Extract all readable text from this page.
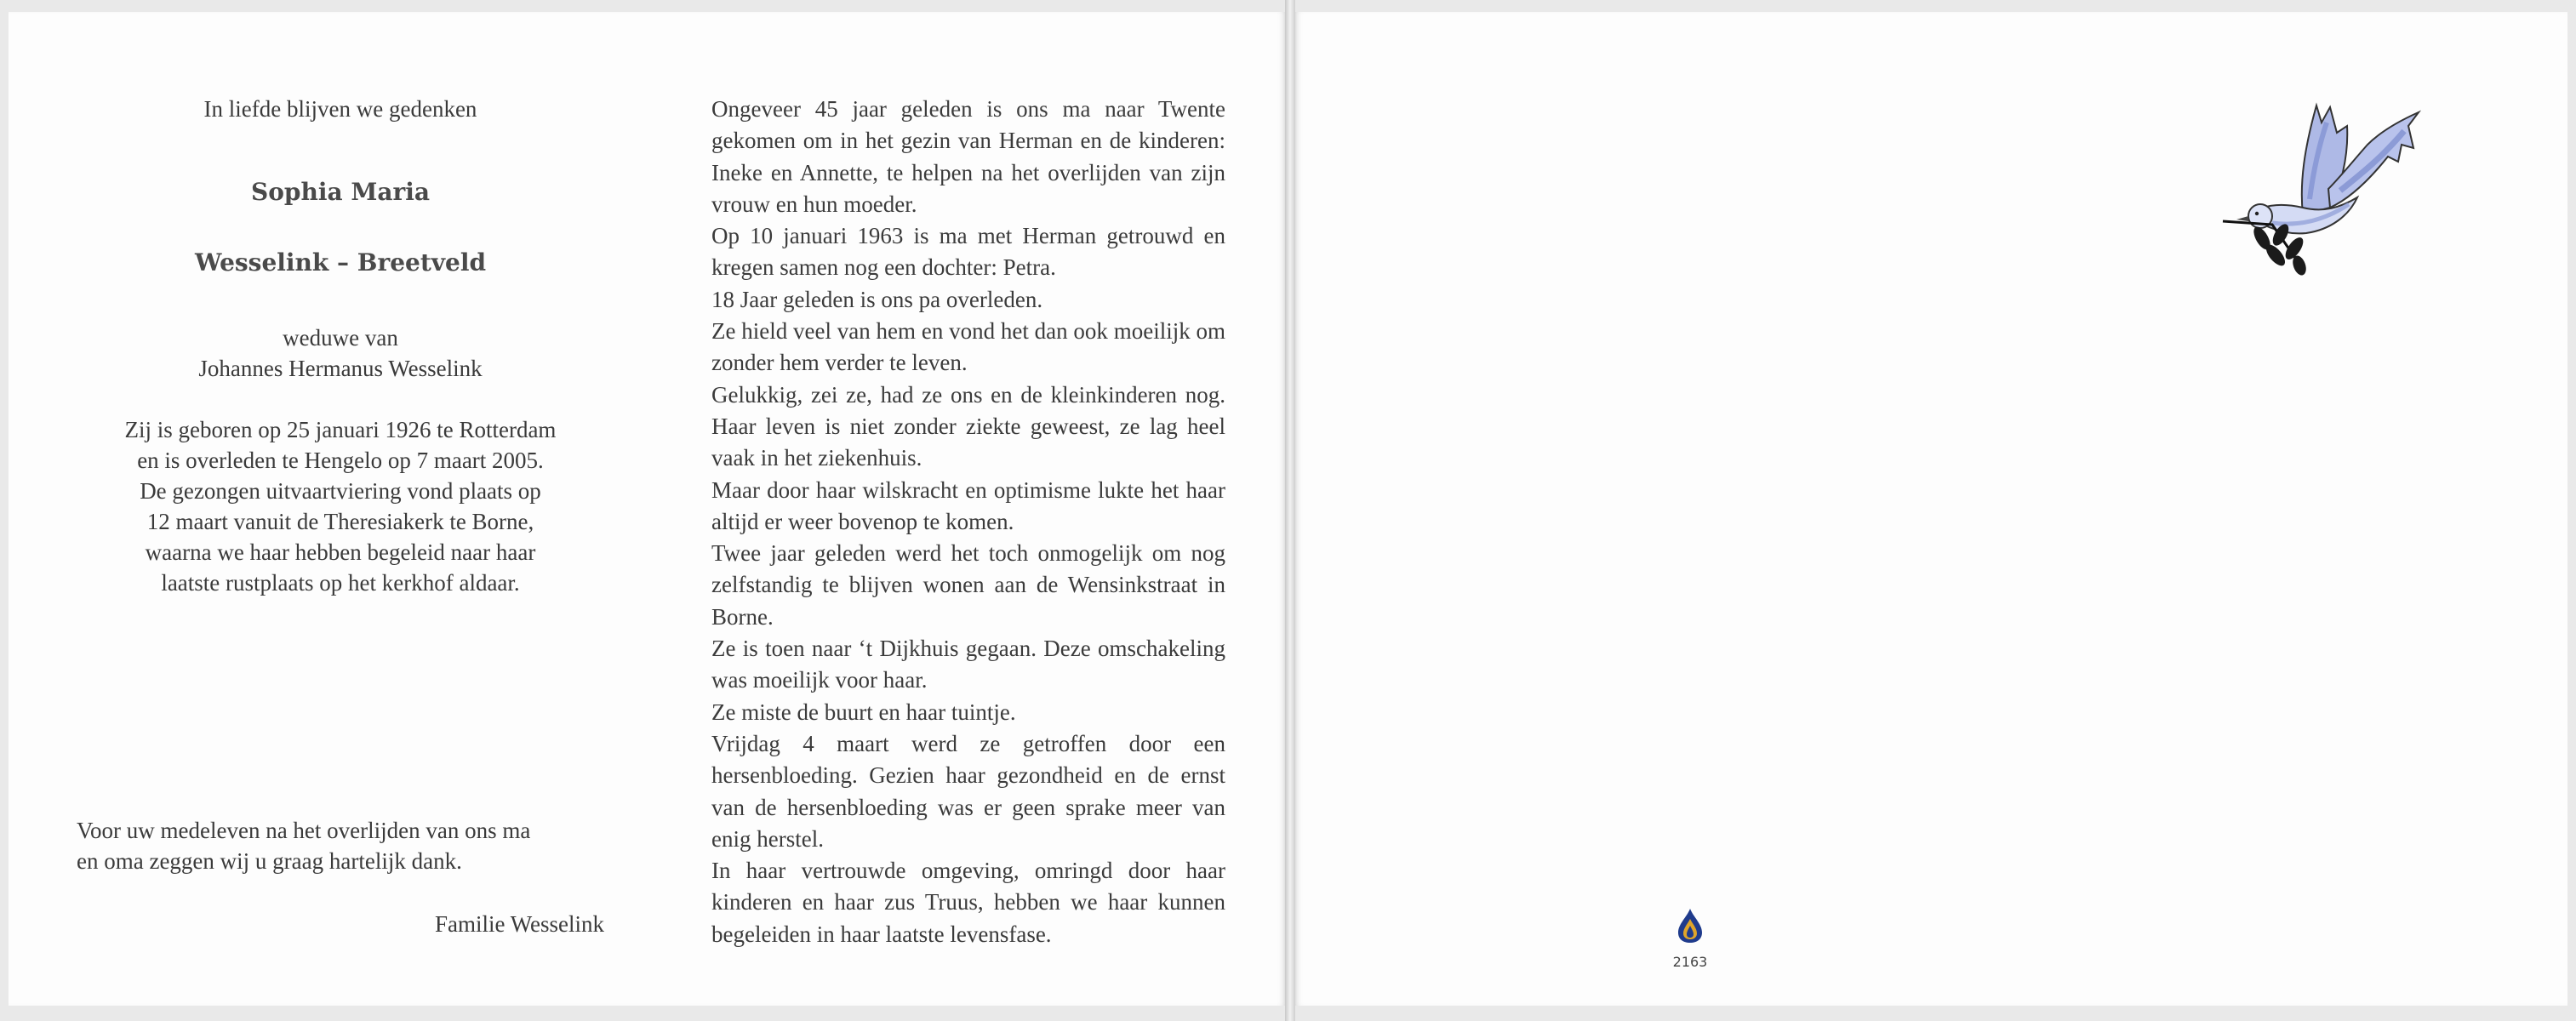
In liefde blijven we gedenken

Sophia Maria

Wesselink – Breetveld

weduwe van

Johannes Hermanus Wesselink

Zij is geboren op 25 januari 1926 te Rotterdam

en is overleden te Hengelo op 7 maart 2005.

De gezongen uitvaartviering vond plaats op

12 maart vanuit de Theresiakerk te Borne,

waarna we haar hebben begeleid naar haar

laatste rustplaats op het kerkhof aldaar.

Voor uw medeleven na het overlijden van ons ma

en oma zeggen wij u graag hartelijk dank.

Familie Wesselink

Ongeveer 45 jaar geleden is ons ma naar Twente gekomen om in het gezin van Herman en de kinderen: Ineke en Annette, te helpen na het overlijden van zijn vrouw en hun moeder.

Op 10 januari 1963 is ma met Herman getrouwd en kregen samen nog een dochter: Petra.

18 Jaar geleden is ons pa overleden.

Ze hield veel van hem en vond het dan ook moeilijk om zonder hem verder te leven.

Gelukkig, zei ze, had ze ons en de kleinkinderen nog. Haar leven is niet zonder ziekte geweest, ze lag heel vaak in het ziekenhuis.

Maar door haar wilskracht en optimisme lukte het haar altijd er weer bovenop te komen.

Twee jaar geleden werd het toch onmogelijk om nog zelfstandig te blijven wonen aan de Wensinkstraat in Borne.

Ze is toen naar ‘t Dijkhuis gegaan. Deze omschakeling was moeilijk voor haar.

Ze miste de buurt en haar tuintje.

Vrijdag 4 maart werd ze getroffen door een hersenbloeding. Gezien haar gezondheid en de ernst van de hersenbloeding was er geen sprake meer van enig herstel.

In haar vertrouwde omgeving, omringd door haar kinderen en haar zus Truus, hebben we haar kunnen begeleiden in haar laatste levensfase.

2163
